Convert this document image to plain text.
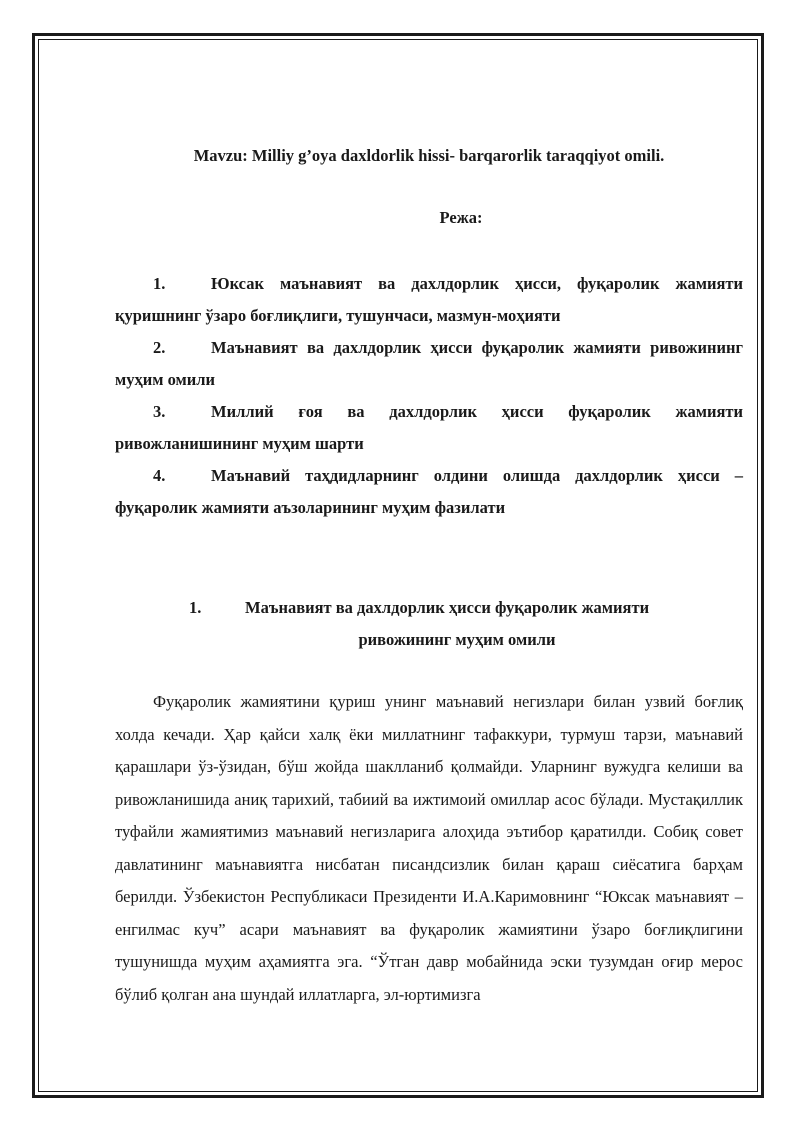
Mavzu: Milliy g’oya daxldorlik hissi- barqarorlik taraqqiyot omili.

Режа:

1.	Юксак маънавият ва дахлдорлик ҳисси, фуқаролик жамияти қуришнинг ўзаро боғлиқлиги, тушунчаси, мазмун-моҳияти
2.	Маънавият ва дахлдорлик ҳисси фуқаролик жамияти ривожининг муҳим омили
3.	Миллий ғоя ва дахлдорлик ҳисси фуқаролик жамияти ривожланишининг муҳим шарти
4.	Маънавий таҳдидларнинг олдини олишда дахлдорлик ҳисси – фуқаролик жамияти аъзоларининг муҳим фазилати
1.	Маънавият ва дахлдорлик ҳисси фуқаролик жамияти
ривожининг муҳим омили

Фуқаролик жамиятини қуриш унинг маънавий негизлари билан узвий боғлиқ холда кечади. Ҳар қайси халқ ёки миллатнинг тафаккури, турмуш тарзи, маънавий қарашлари ўз-ўзидан, бўш жойда шаклланиб қолмайди. Уларнинг вужудга келиши ва ривожланишида аниқ тарихий, табиий ва ижтимоий омиллар асос бўлади. Мустақиллик туфайли жамиятимиз маънавий негизларига алоҳида эътибор қаратилди. Собиқ совет давлатининг маънавиятга нисбатан писандсизлик билан қараш сиёсатига барҳам берилди. Ўзбекистон Республикаси Президенти И.А.Каримовнинг “Юксак маънавият – енгилмас куч” асари маънавият ва фуқаролик жамиятини ўзаро боғлиқлигини тушунишда муҳим аҳамиятга эга. “Ўтган давр мобайнида эски тузумдан оғир мерос бўлиб қолган ана шундай иллатларга, эл-юртимизга
